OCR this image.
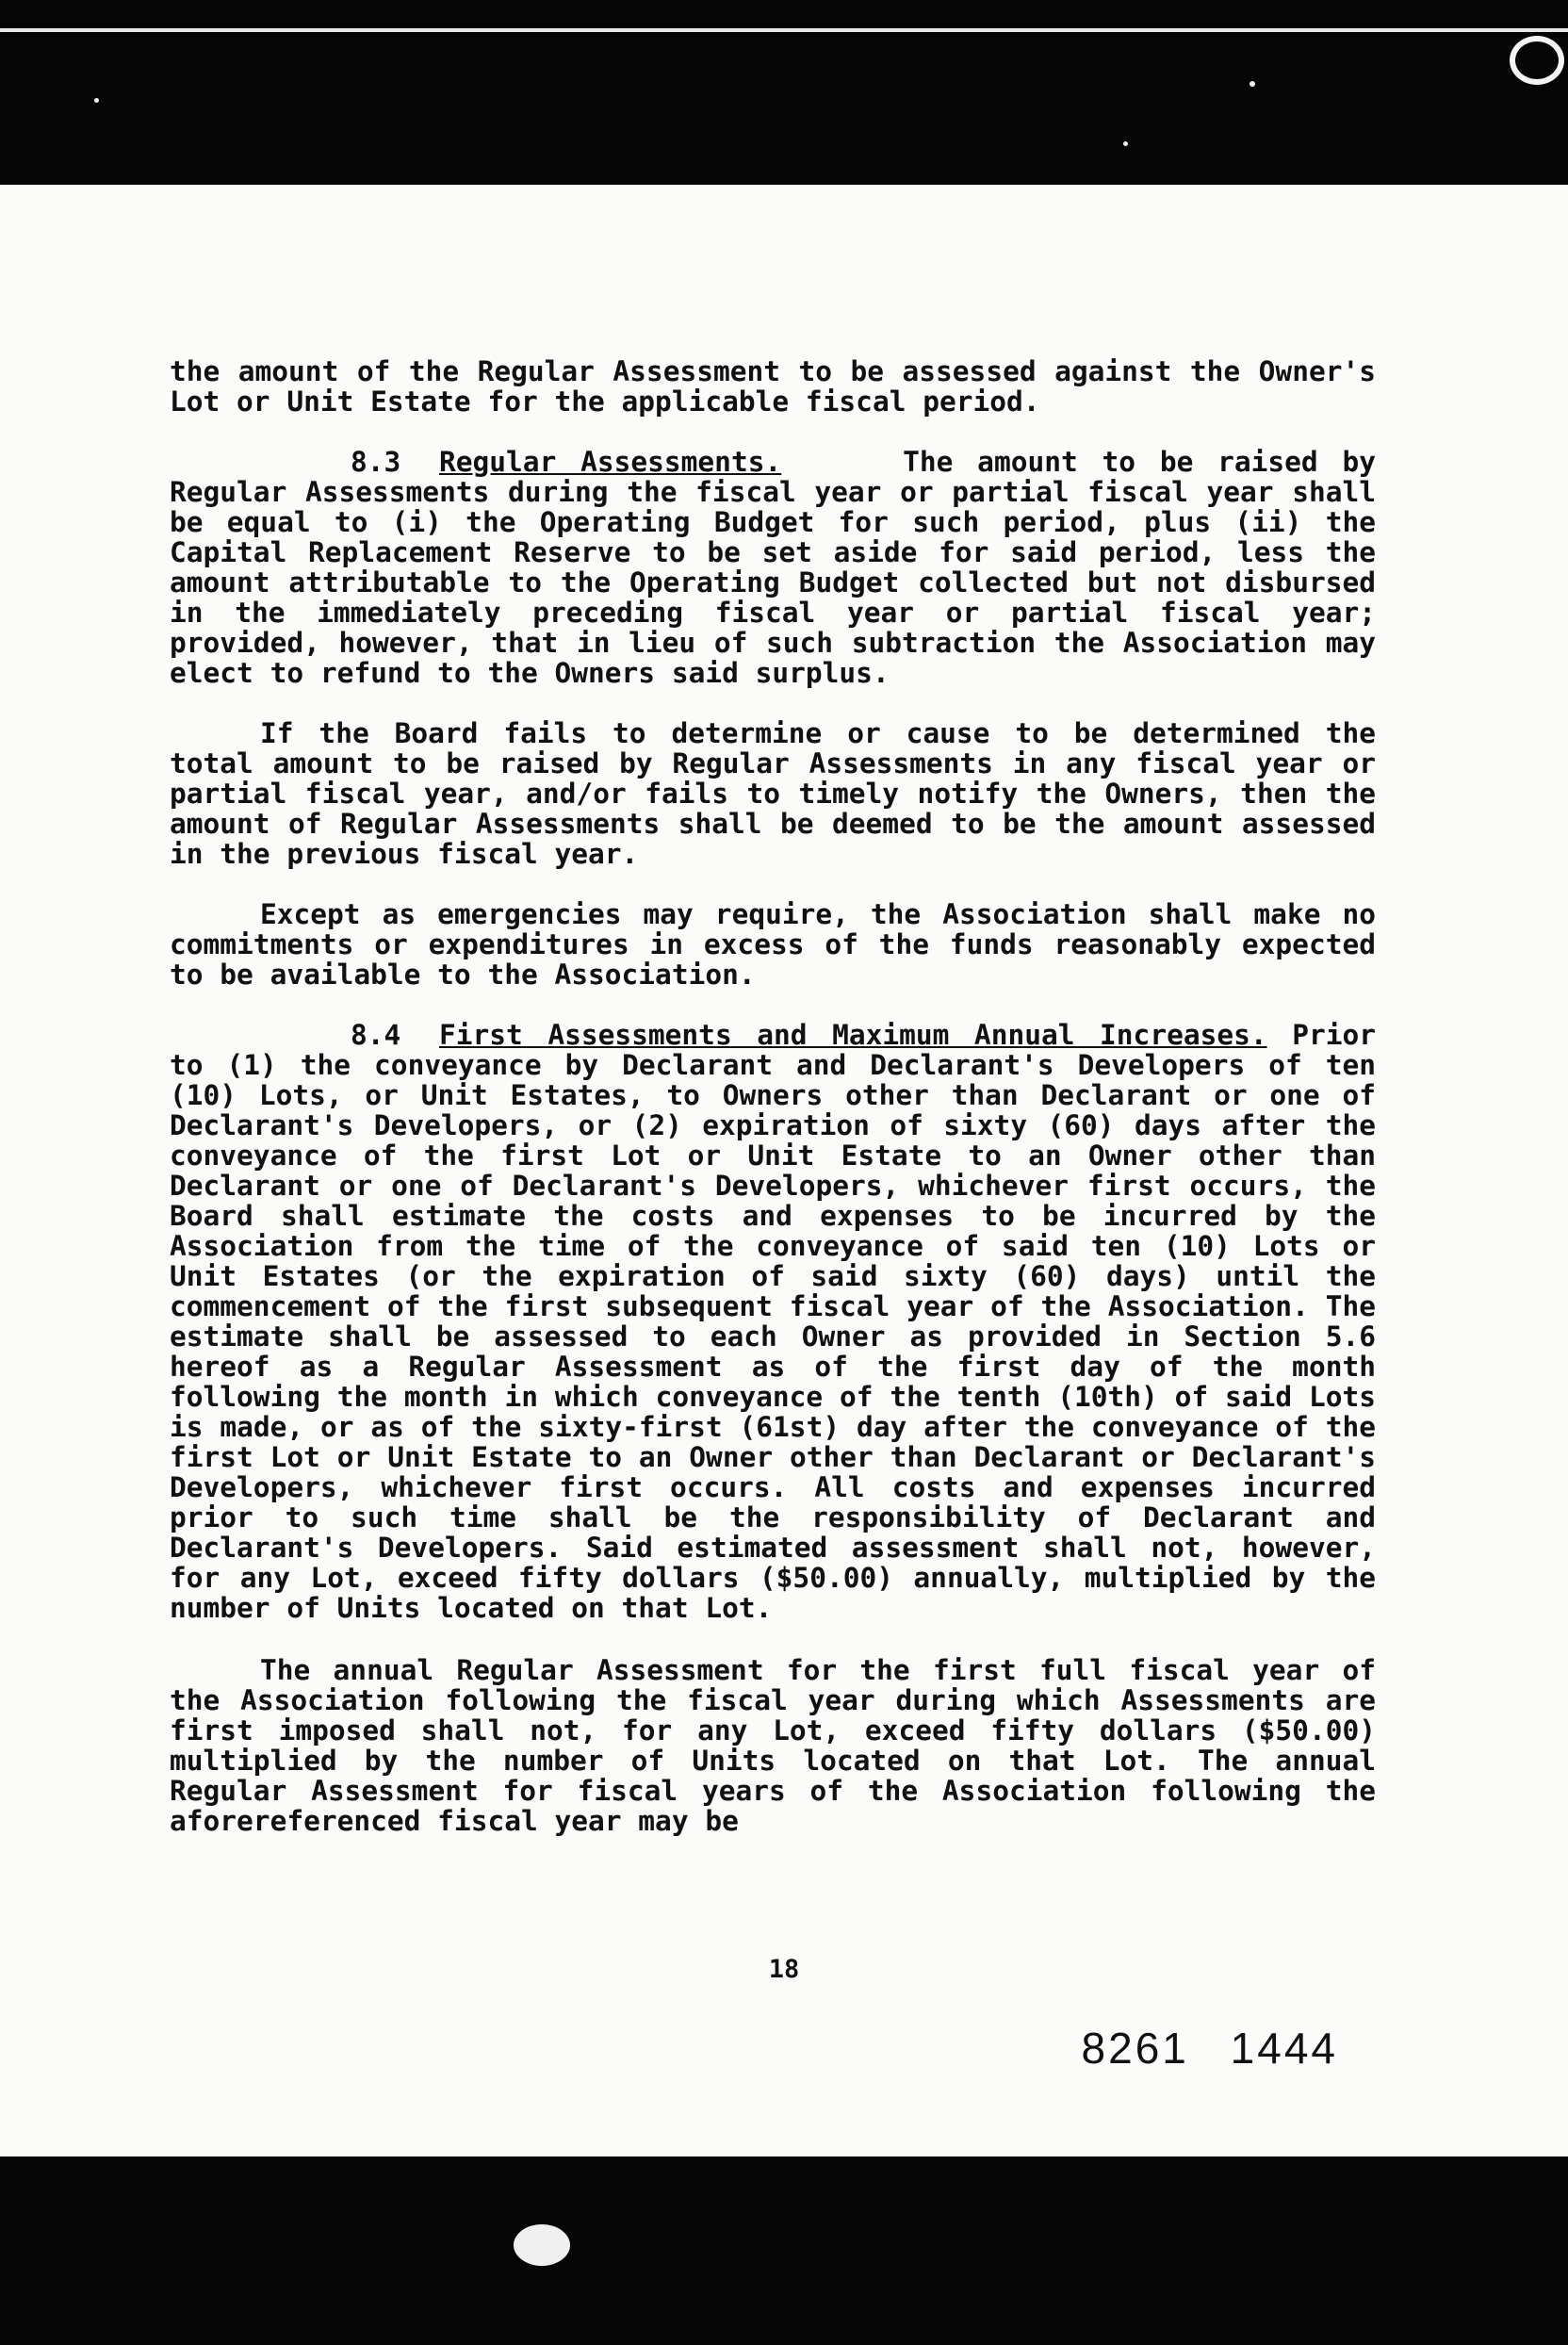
the amount of the Regular Assessment to be assessed against the Owner's Lot or Unit Estate for the applicable fiscal period.

8.3 Regular Assessments.	The amount to be raised by Regular Assessments during the fiscal year or partial fiscal year shall be equal to (i) the Operating Budget for such period, plus (ii) the Capital Replacement Reserve to be set aside for said period, less the amount attributable to the Operating Budget collected but not disbursed in the immediately preceding fiscal year or partial fiscal year; provided, however, that in lieu of such subtraction the Association may elect to refund to the Owners said surplus.

If the Board fails to determine or cause to be determined the total amount to be raised by Regular Assessments in any fiscal year or partial fiscal year, and/or fails to timely notify the Owners, then the amount of Regular Assessments shall be deemed to be the amount assessed in the previous fiscal year.

Except as emergencies may require, the Association shall make no commitments or expenditures in excess of the funds reasonably expected to be available to the Association.

8.4 First Assessments and Maximum Annual Increases. Prior to (1) the conveyance by Declarant and Declarant's Developers of ten (10) Lots, or Unit Estates, to Owners other than Declarant or one of Declarant's Developers, or (2) expiration of sixty (60) days after the conveyance of the first Lot or Unit Estate to an Owner other than Declarant or one of Declarant's Developers, whichever first occurs, the Board shall estimate the costs and expenses to be incurred by the Association from the time of the conveyance of said ten (10) Lots or Unit Estates (or the expiration of said sixty (60) days) until the commencement of the first subsequent fiscal year of the Association. The estimate shall be assessed to each Owner as provided in Section 5.6 hereof as a Regular Assessment as of the first day of the month following the month in which conveyance of the tenth (10th) of said Lots is made, or as of the sixty-first (61st) day after the conveyance of the first Lot or Unit Estate to an Owner other than Declarant or Declarant's Developers, whichever first occurs. All costs and expenses incurred prior to such time shall be the responsibility of Declarant and Declarant's Developers. Said estimated assessment shall not, however, for any Lot, exceed fifty dollars ($50.00) annually, multiplied by the number of Units located on that Lot.

The annual Regular Assessment for the first full fiscal year of the Association following the fiscal year during which Assessments are first imposed shall not, for any Lot, exceed fifty dollars ($50.00) multiplied by the number of Units located on that Lot. The annual Regular Assessment for fiscal years of the Association following the aforereferenced fiscal year may be

18
8261 1444
